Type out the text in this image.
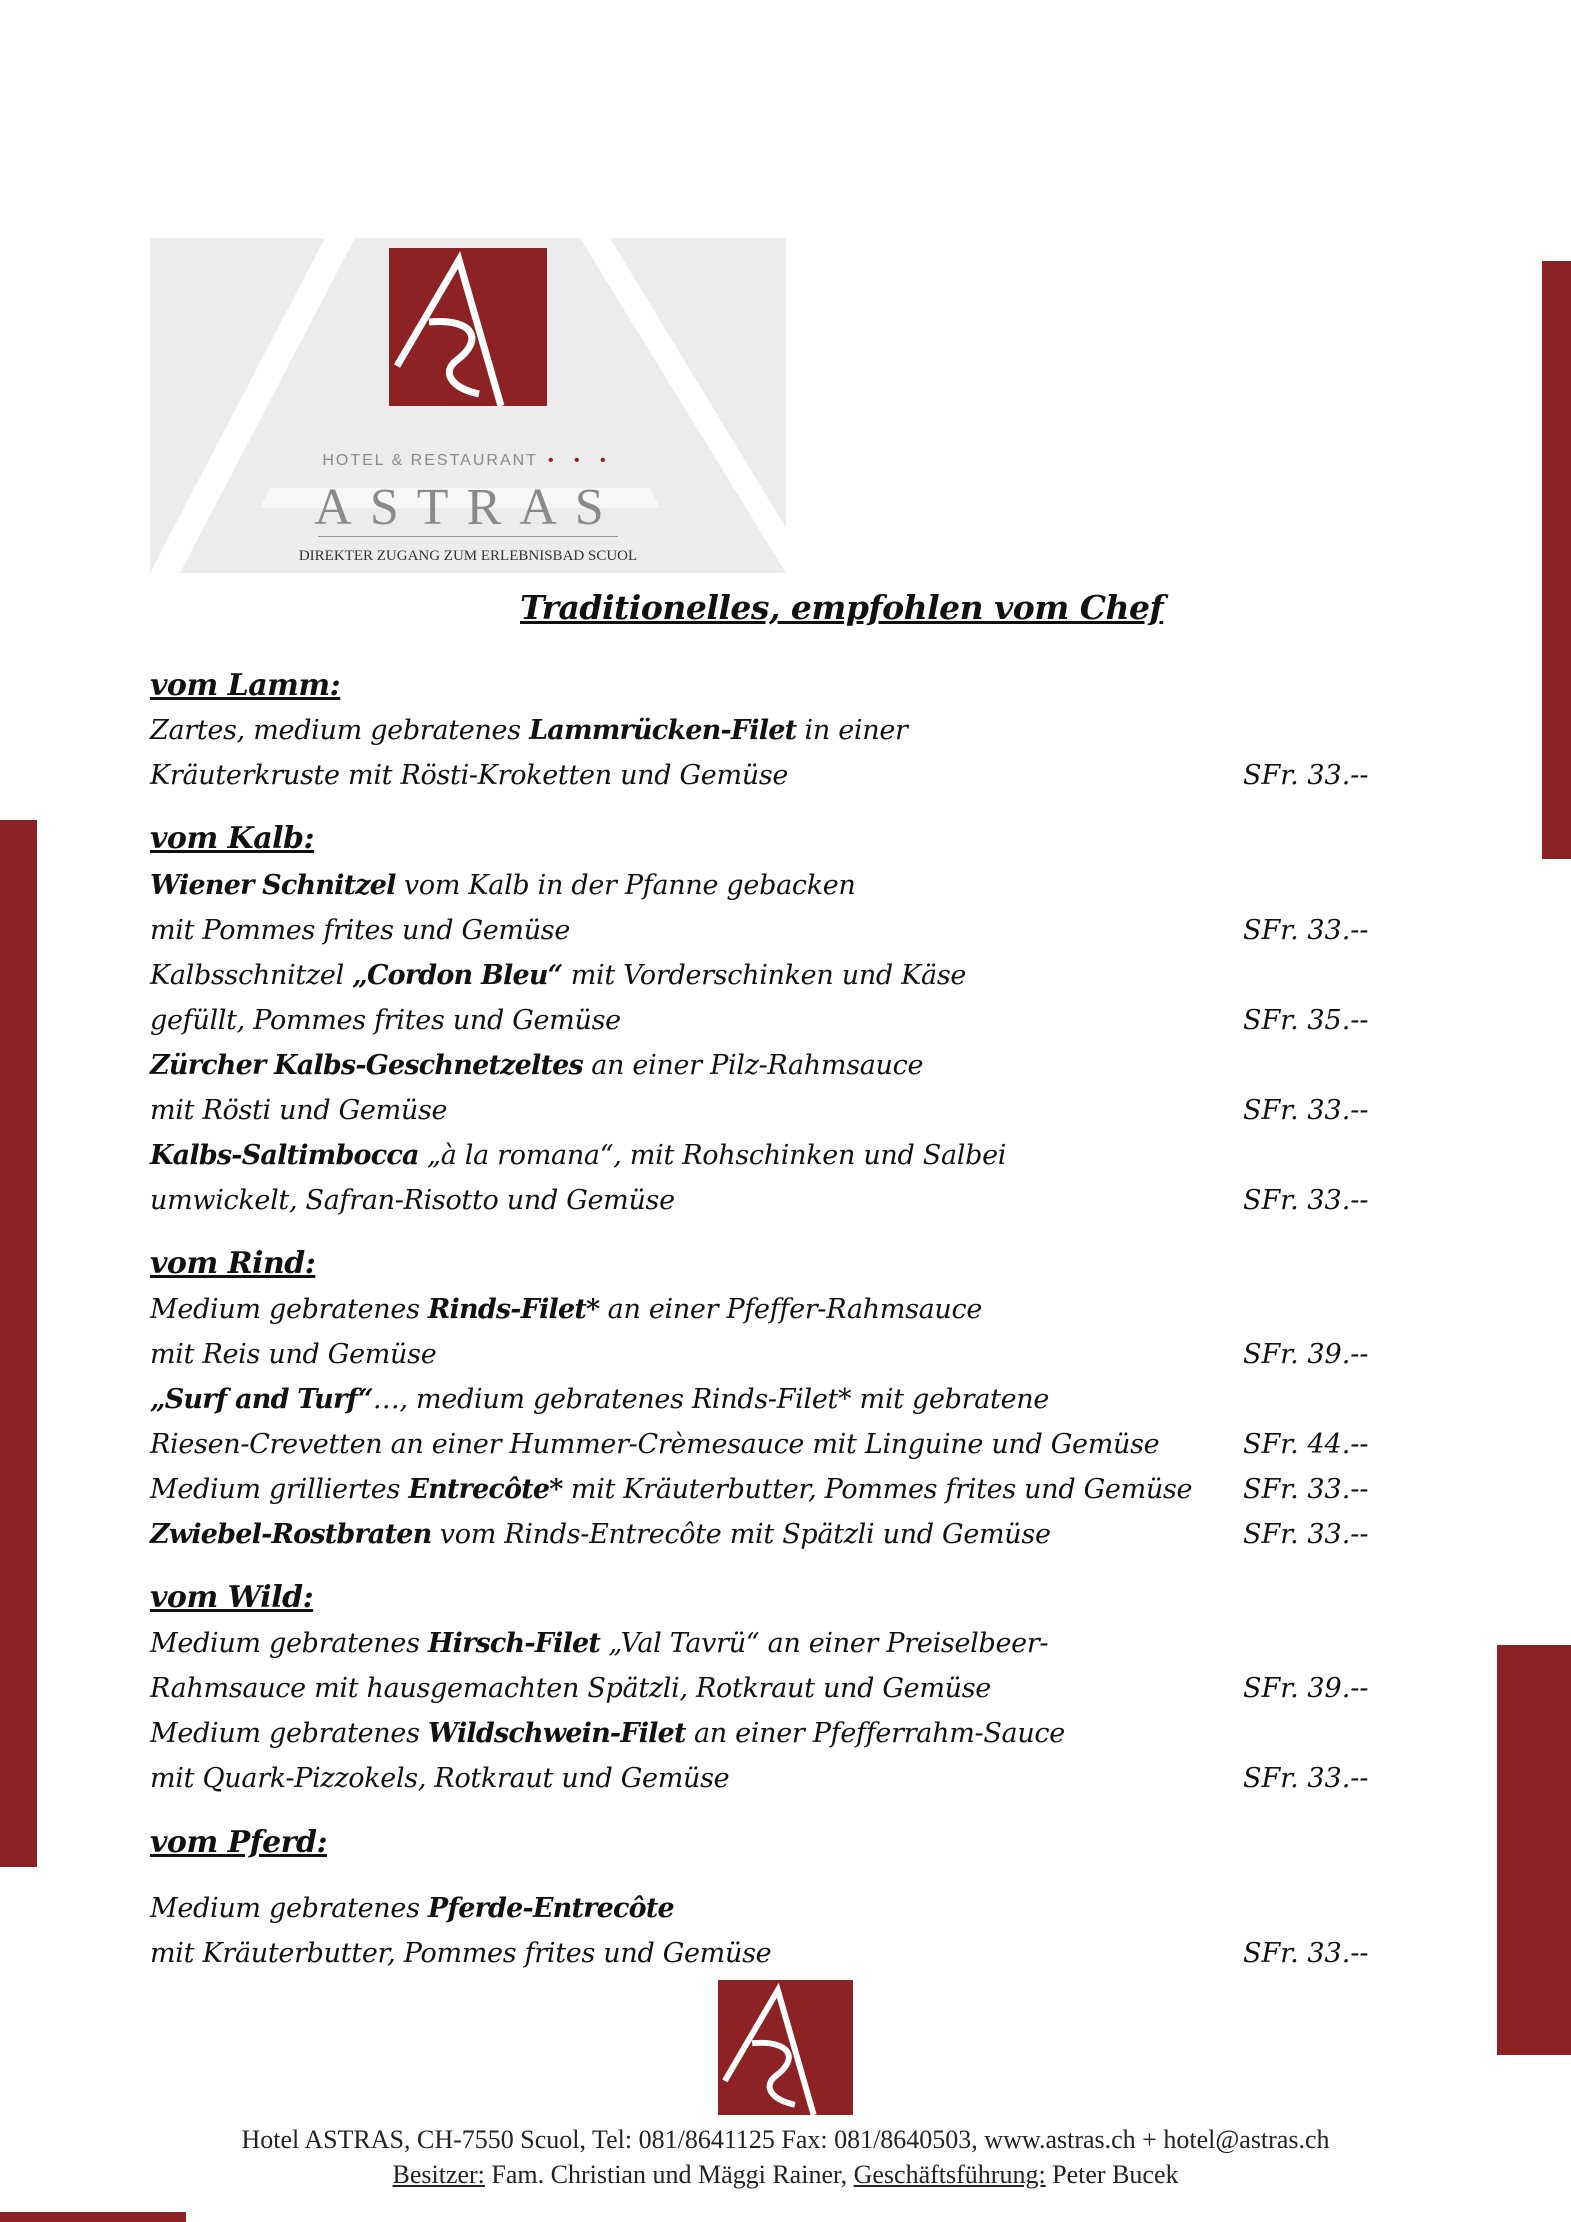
HOTEL & RESTAURANT • • •
ASTRAS
DIREKTER ZUGANG ZUM ERLEBNISBAD SCUOL
Traditionelles, empfohlen vom Chef
vom Lamm:
vom Kalb:
vom Rind:
vom Wild:
vom Pferd:
Zartes, medium gebratenes Lammrücken-Filet in einer
Kräuterkruste mit Rösti-Kroketten und Gemüse
Wiener Schnitzel vom Kalb in der Pfanne gebacken
mit Pommes frites und Gemüse
Kalbsschnitzel „Cordon Bleu“ mit Vorderschinken und Käse
gefüllt, Pommes frites und Gemüse
Zürcher Kalbs-Geschnetzeltes an einer Pilz-Rahmsauce
mit Rösti und Gemüse
Kalbs-Saltimbocca „à la romana“, mit Rohschinken und Salbei
umwickelt, Safran-Risotto und Gemüse
Medium gebratenes Rinds-Filet* an einer Pfeffer-Rahmsauce
mit Reis und Gemüse
„Surf and Turf“…, medium gebratenes Rinds-Filet* mit gebratene
Riesen-Crevetten an einer Hummer-Crèmesauce mit Linguine und Gemüse
Medium grilliertes Entrecôte* mit Kräuterbutter, Pommes frites und Gemüse
Zwiebel-Rostbraten vom Rinds-Entrecôte mit Spätzli und Gemüse
Medium gebratenes Hirsch-Filet „Val Tavrü“ an einer Preiselbeer-
Rahmsauce mit hausgemachten Spätzli, Rotkraut und Gemüse
Medium gebratenes Wildschwein-Filet an einer Pfefferrahm-Sauce
mit Quark-Pizzokels, Rotkraut und Gemüse
Medium gebratenes Pferde-Entrecôte
mit Kräuterbutter, Pommes frites und Gemüse
SFr. 33.--
SFr. 33.--
SFr. 35.--
SFr. 33.--
SFr. 33.--
SFr. 39.--
SFr. 44.--
SFr. 33.--
SFr. 33.--
SFr. 39.--
SFr. 33.--
SFr. 33.--
Hotel ASTRAS, CH-7550 Scuol, Tel: 081/8641125 Fax: 081/8640503, www.astras.ch + hotel@astras.ch
Besitzer: Fam. Christian und Mäggi Rainer, Geschäftsführung: Peter Bucek
